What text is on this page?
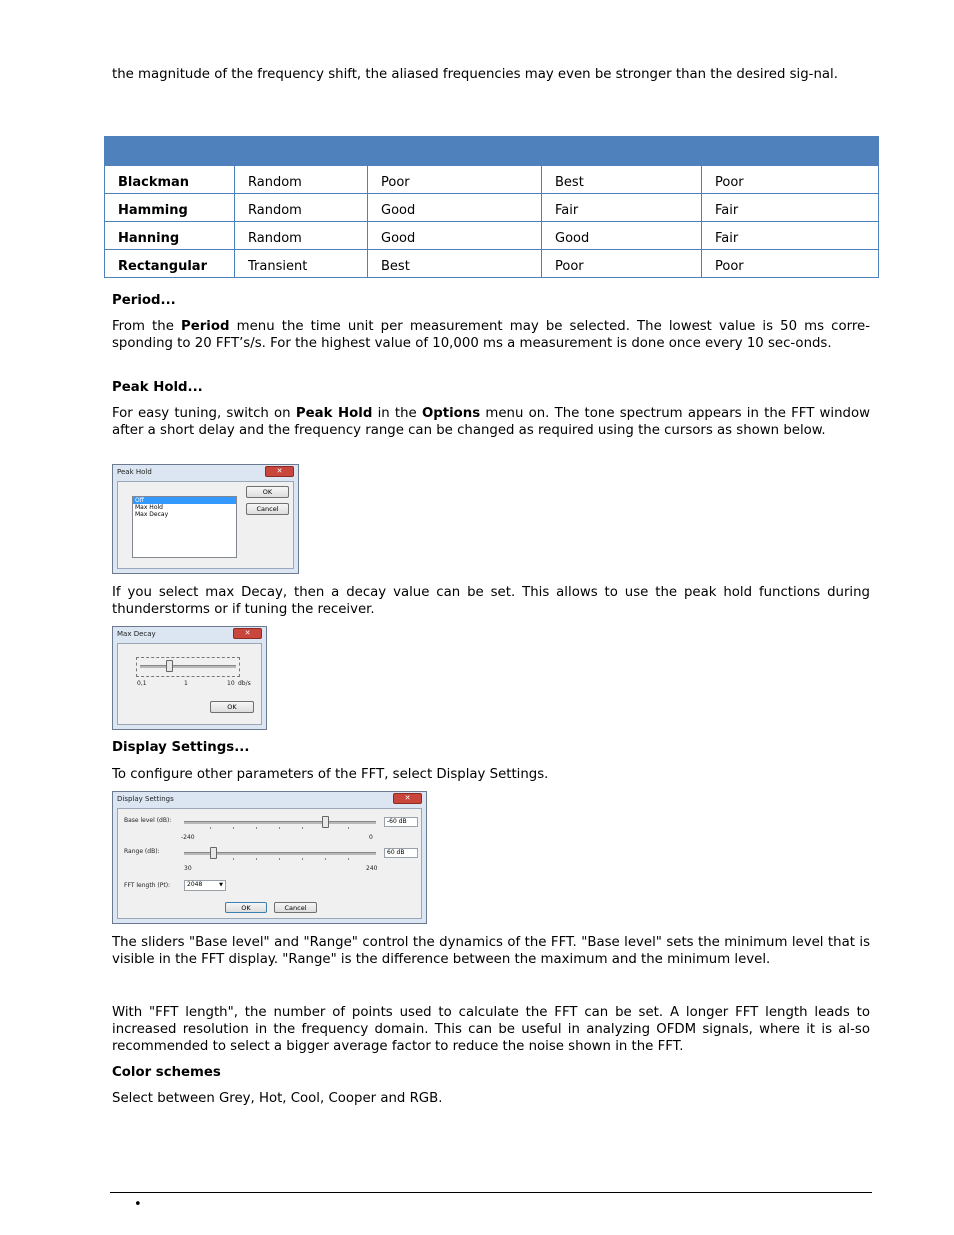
the magnitude of the frequency shift, the aliased frequencies may even be stronger than the desired sig-nal.

Blackman	Random	Poor	Best	Poor
Hamming	Random	Good	Fair	Fair
Hanning	Random	Good	Good	Fair
Rectangular	Transient	Best	Poor	Poor

Period...

From the Period menu the time unit per measurement may be selected. The lowest value is 50 ms corre-sponding to 20 FFT’s/s. For the highest value of 10,000 ms a measurement is done once every 10 sec-onds.

Peak Hold...

For easy tuning, switch on Peak Hold in the Options menu on. The tone spectrum appears in the FFT window after a short delay and the frequency range can be changed as required using the cursors as shown below.

Peak Hold	✕
Off
Max Hold
Max Decay
OK
Cancel

If you select max Decay, then a decay value can be set. This allows to use the peak hold functions during thunderstorms or if tuning the receiver.

Max Decay	✕
0,1	1	10 db/s
OK

Display Settings...

To configure other parameters of the FFT, select Display Settings.

Display Settings	✕
Base level (dB):	-60 dB
-240	0
Range (dB):	60 dB
30	240
FFT length (Pt):	2048	▼
OK	Cancel

The sliders "Base level" and "Range" control the dynamics of the FFT. "Base level" sets the minimum level that is visible in the FFT display. "Range" is the difference between the maximum and the minimum level.

With "FFT length", the number of points used to calculate the FFT can be set. A longer FFT length leads to increased resolution in the frequency domain. This can be useful in analyzing OFDM signals, where it is al-so recommended to select a bigger average factor to reduce the noise shown in the FFT.

Color schemes

Select between Grey, Hot, Cool, Cooper and RGB.

•
